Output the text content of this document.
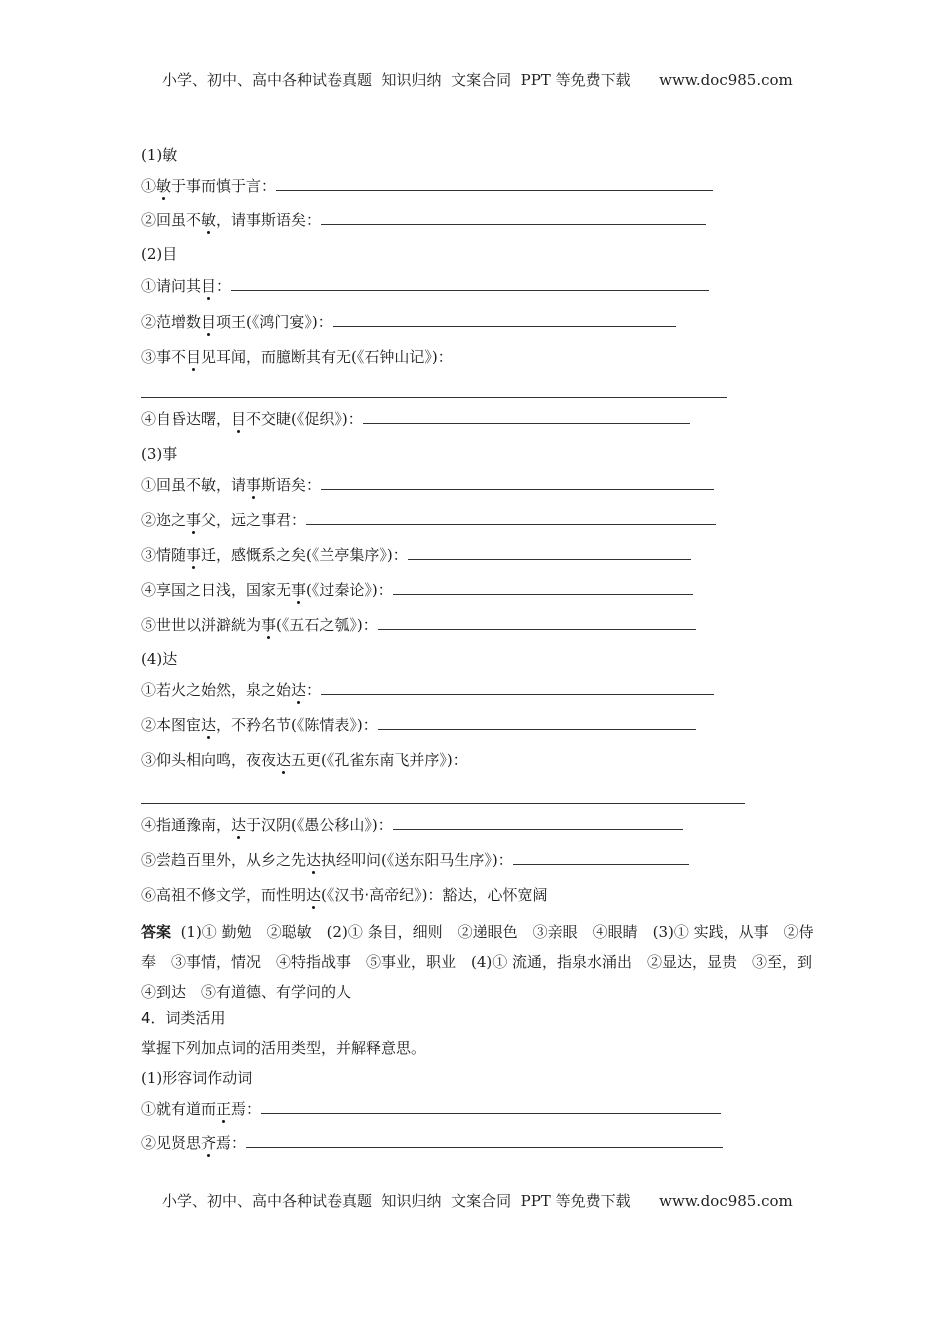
小学、初中、高中各种试卷真题  知识归纳  文案合同  PPT 等免费下载      www.doc985.com
(1)敏
①敏于事而慎于言：
②回虽不敏，请事斯语矣：
(2)目
①请问其目：
②范增数目项王(《鸿门宴》)：
③事不目见耳闻，而臆断其有无(《石钟山记》)：
④自昏达曙，目不交睫(《促织》)：
(3)事
①回虽不敏，请事斯语矣：
②迩之事父，远之事君：
③情随事迁，感慨系之矣(《兰亭集序》)：
④享国之日浅，国家无事(《过秦论》)：
⑤世世以洴澼絖为事(《五石之瓠》)：
(4)达
①若火之始然，泉之始达：
②本图宦达，不矜名节(《陈情表》)：
③仰头相向鸣，夜夜达五更(《孔雀东南飞并序》)：
④指通豫南，达于汉阴(《愚公移山》)：
⑤尝趋百里外，从乡之先达执经叩问(《送东阳马生序》)：
⑥高祖不修文学，而性明达(《汉书·高帝纪》)：豁达，心怀宽阔
答案 (1)① 勤勉　②聪敏　(2)① 条目，细则　②递眼色　③亲眼　④眼睛　(3)① 实践，从事　②侍奉　③事情，情况　④特指战事　⑤事业，职业　(4)① 流通，指泉水涌出　②显达，显贵　③至，到　④到达　⑤有道德、有学问的人
4．词类活用
掌握下列加点词的活用类型，并解释意思。
(1)形容词作动词
①就有道而正焉：
②见贤思齐焉：
小学、初中、高中各种试卷真题  知识归纳  文案合同  PPT 等免费下载      www.doc985.com
